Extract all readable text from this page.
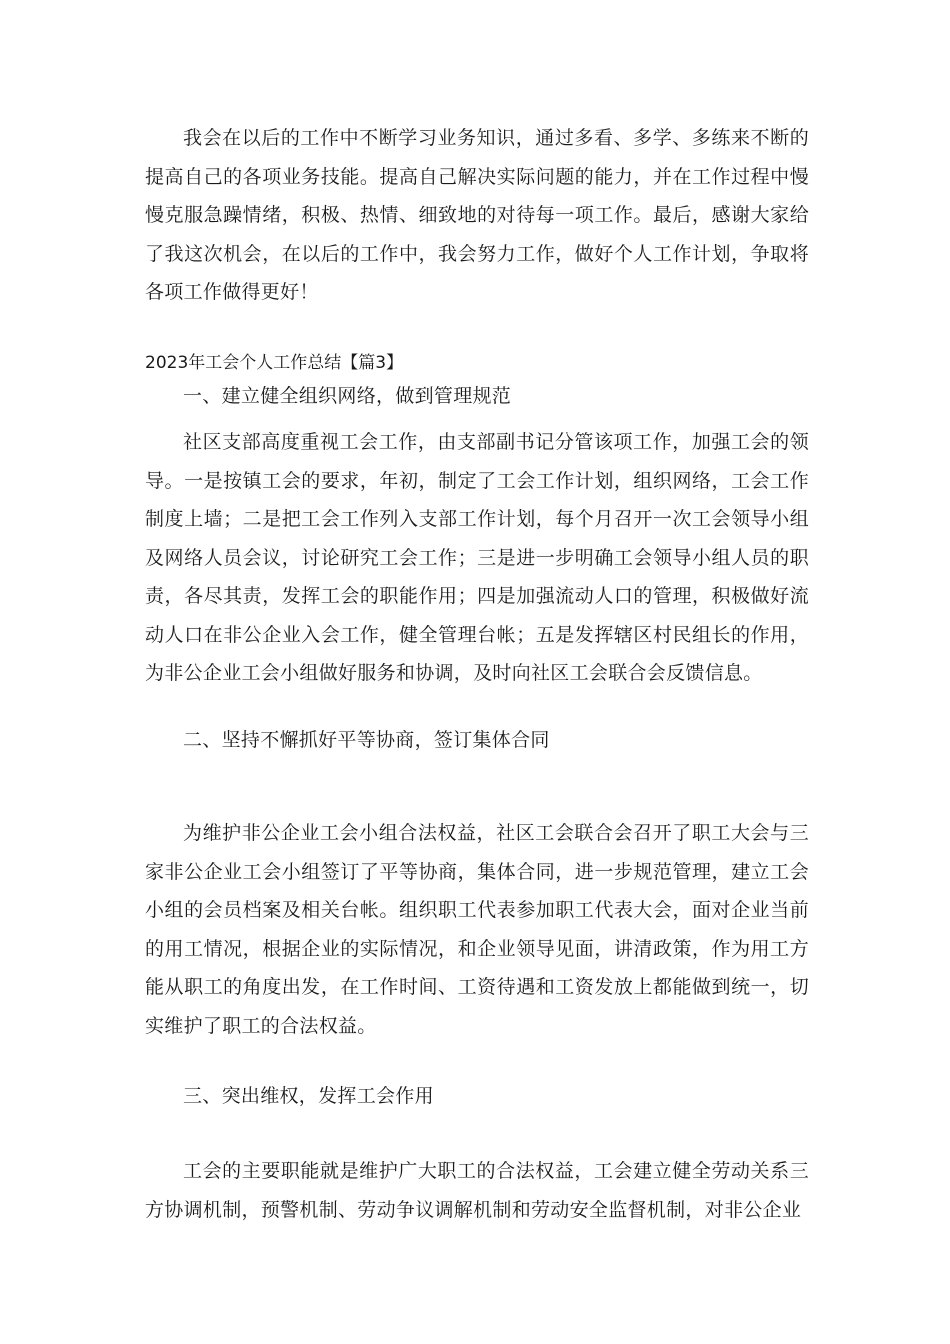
我会在以后的工作中不断学习业务知识，通过多看、多学、多练来不断的提高自己的各项业务技能。提高自己解决实际问题的能力，并在工作过程中慢慢克服急躁情绪，积极、热情、细致地的对待每一项工作。最后，感谢大家给了我这次机会，在以后的工作中，我会努力工作，做好个人工作计划，争取将各项工作做得更好！

2023年工会个人工作总结【篇3】

一、建立健全组织网络，做到管理规范

社区支部高度重视工会工作，由支部副书记分管该项工作，加强工会的领导。一是按镇工会的要求，年初，制定了工会工作计划，组织网络，工会工作制度上墙；二是把工会工作列入支部工作计划，每个月召开一次工会领导小组及网络人员会议，讨论研究工会工作；三是进一步明确工会领导小组人员的职责，各尽其责，发挥工会的职能作用；四是加强流动人口的管理，积极做好流动人口在非公企业入会工作，健全管理台帐；五是发挥辖区村民组长的作用，为非公企业工会小组做好服务和协调，及时向社区工会联合会反馈信息。

二、坚持不懈抓好平等协商，签订集体合同

为维护非公企业工会小组合法权益，社区工会联合会召开了职工大会与三家非公企业工会小组签订了平等协商，集体合同，进一步规范管理，建立工会小组的会员档案及相关台帐。组织职工代表参加职工代表大会，面对企业当前的用工情况，根据企业的实际情况，和企业领导见面，讲清政策，作为用工方能从职工的角度出发，在工作时间、工资待遇和工资发放上都能做到统一，切实维护了职工的合法权益。

三、突出维权，发挥工会作用

工会的主要职能就是维护广大职工的合法权益，工会建立健全劳动关系三方协调机制，预警机制、劳动争议调解机制和劳动安全监督机制，对非公企业
